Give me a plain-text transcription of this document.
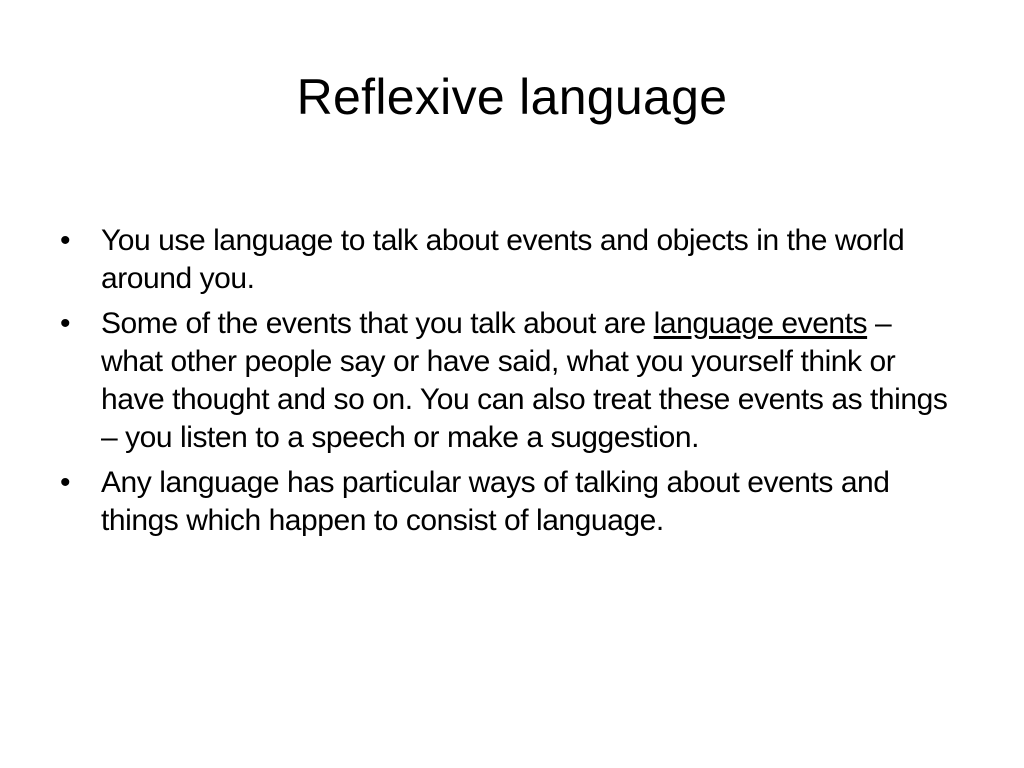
Reflexive language
• You use language to talk about events and objects in the world around you.
• Some of the events that you talk about are language events – what other people say or have said, what you yourself think or have thought and so on. You can also treat these events as things – you listen to a speech or make a suggestion.
• Any language has particular ways of talking about events and things which happen to consist of language.
